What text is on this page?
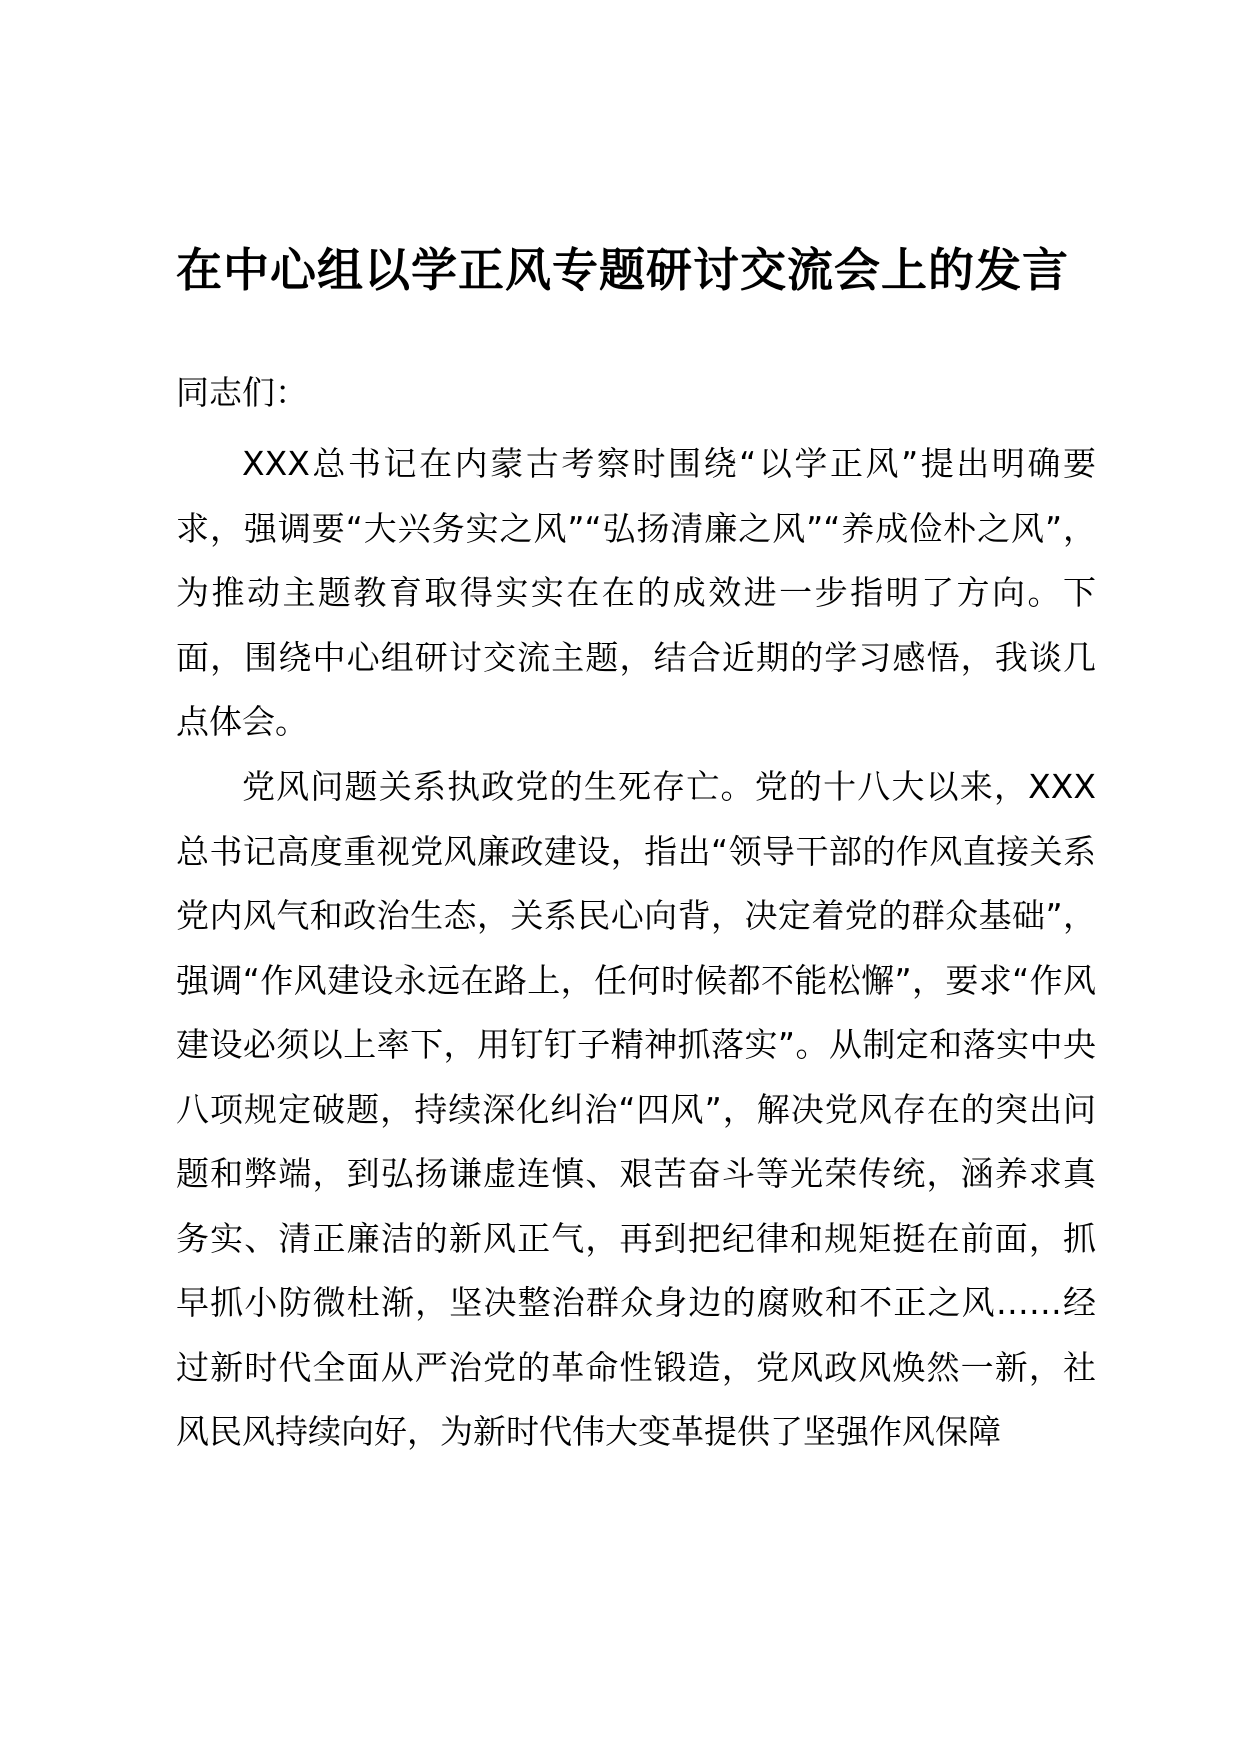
在中心组以学正风专题研讨交流会上的发言
同志们：

XXX总书记在内蒙古考察时围绕“以学正风”提出明确要求，强调要“大兴务实之风”“弘扬清廉之风”“养成俭朴之风”，为推动主题教育取得实实在在的成效进一步指明了方向。下面，围绕中心组研讨交流主题，结合近期的学习感悟，我谈几点体会。

党风问题关系执政党的生死存亡。党的十八大以来，XXX总书记高度重视党风廉政建设，指出“领导干部的作风直接关系党内风气和政治生态，关系民心向背，决定着党的群众基础”，强调“作风建设永远在路上，任何时候都不能松懈”，要求“作风建设必须以上率下，用钉钉子精神抓落实”。从制定和落实中央八项规定破题，持续深化纠治“四风”，解决党风存在的突出问题和弊端，到弘扬谦虚连慎、艰苦奋斗等光荣传统，涵养求真务实、清正廉洁的新风正气，再到把纪律和规矩挺在前面，抓早抓小防微杜渐，坚决整治群众身边的腐败和不正之风……经过新时代全面从严治党的革命性锻造，党风政风焕然一新，社风民风持续向好，为新时代伟大变革提供了坚强作风保障
